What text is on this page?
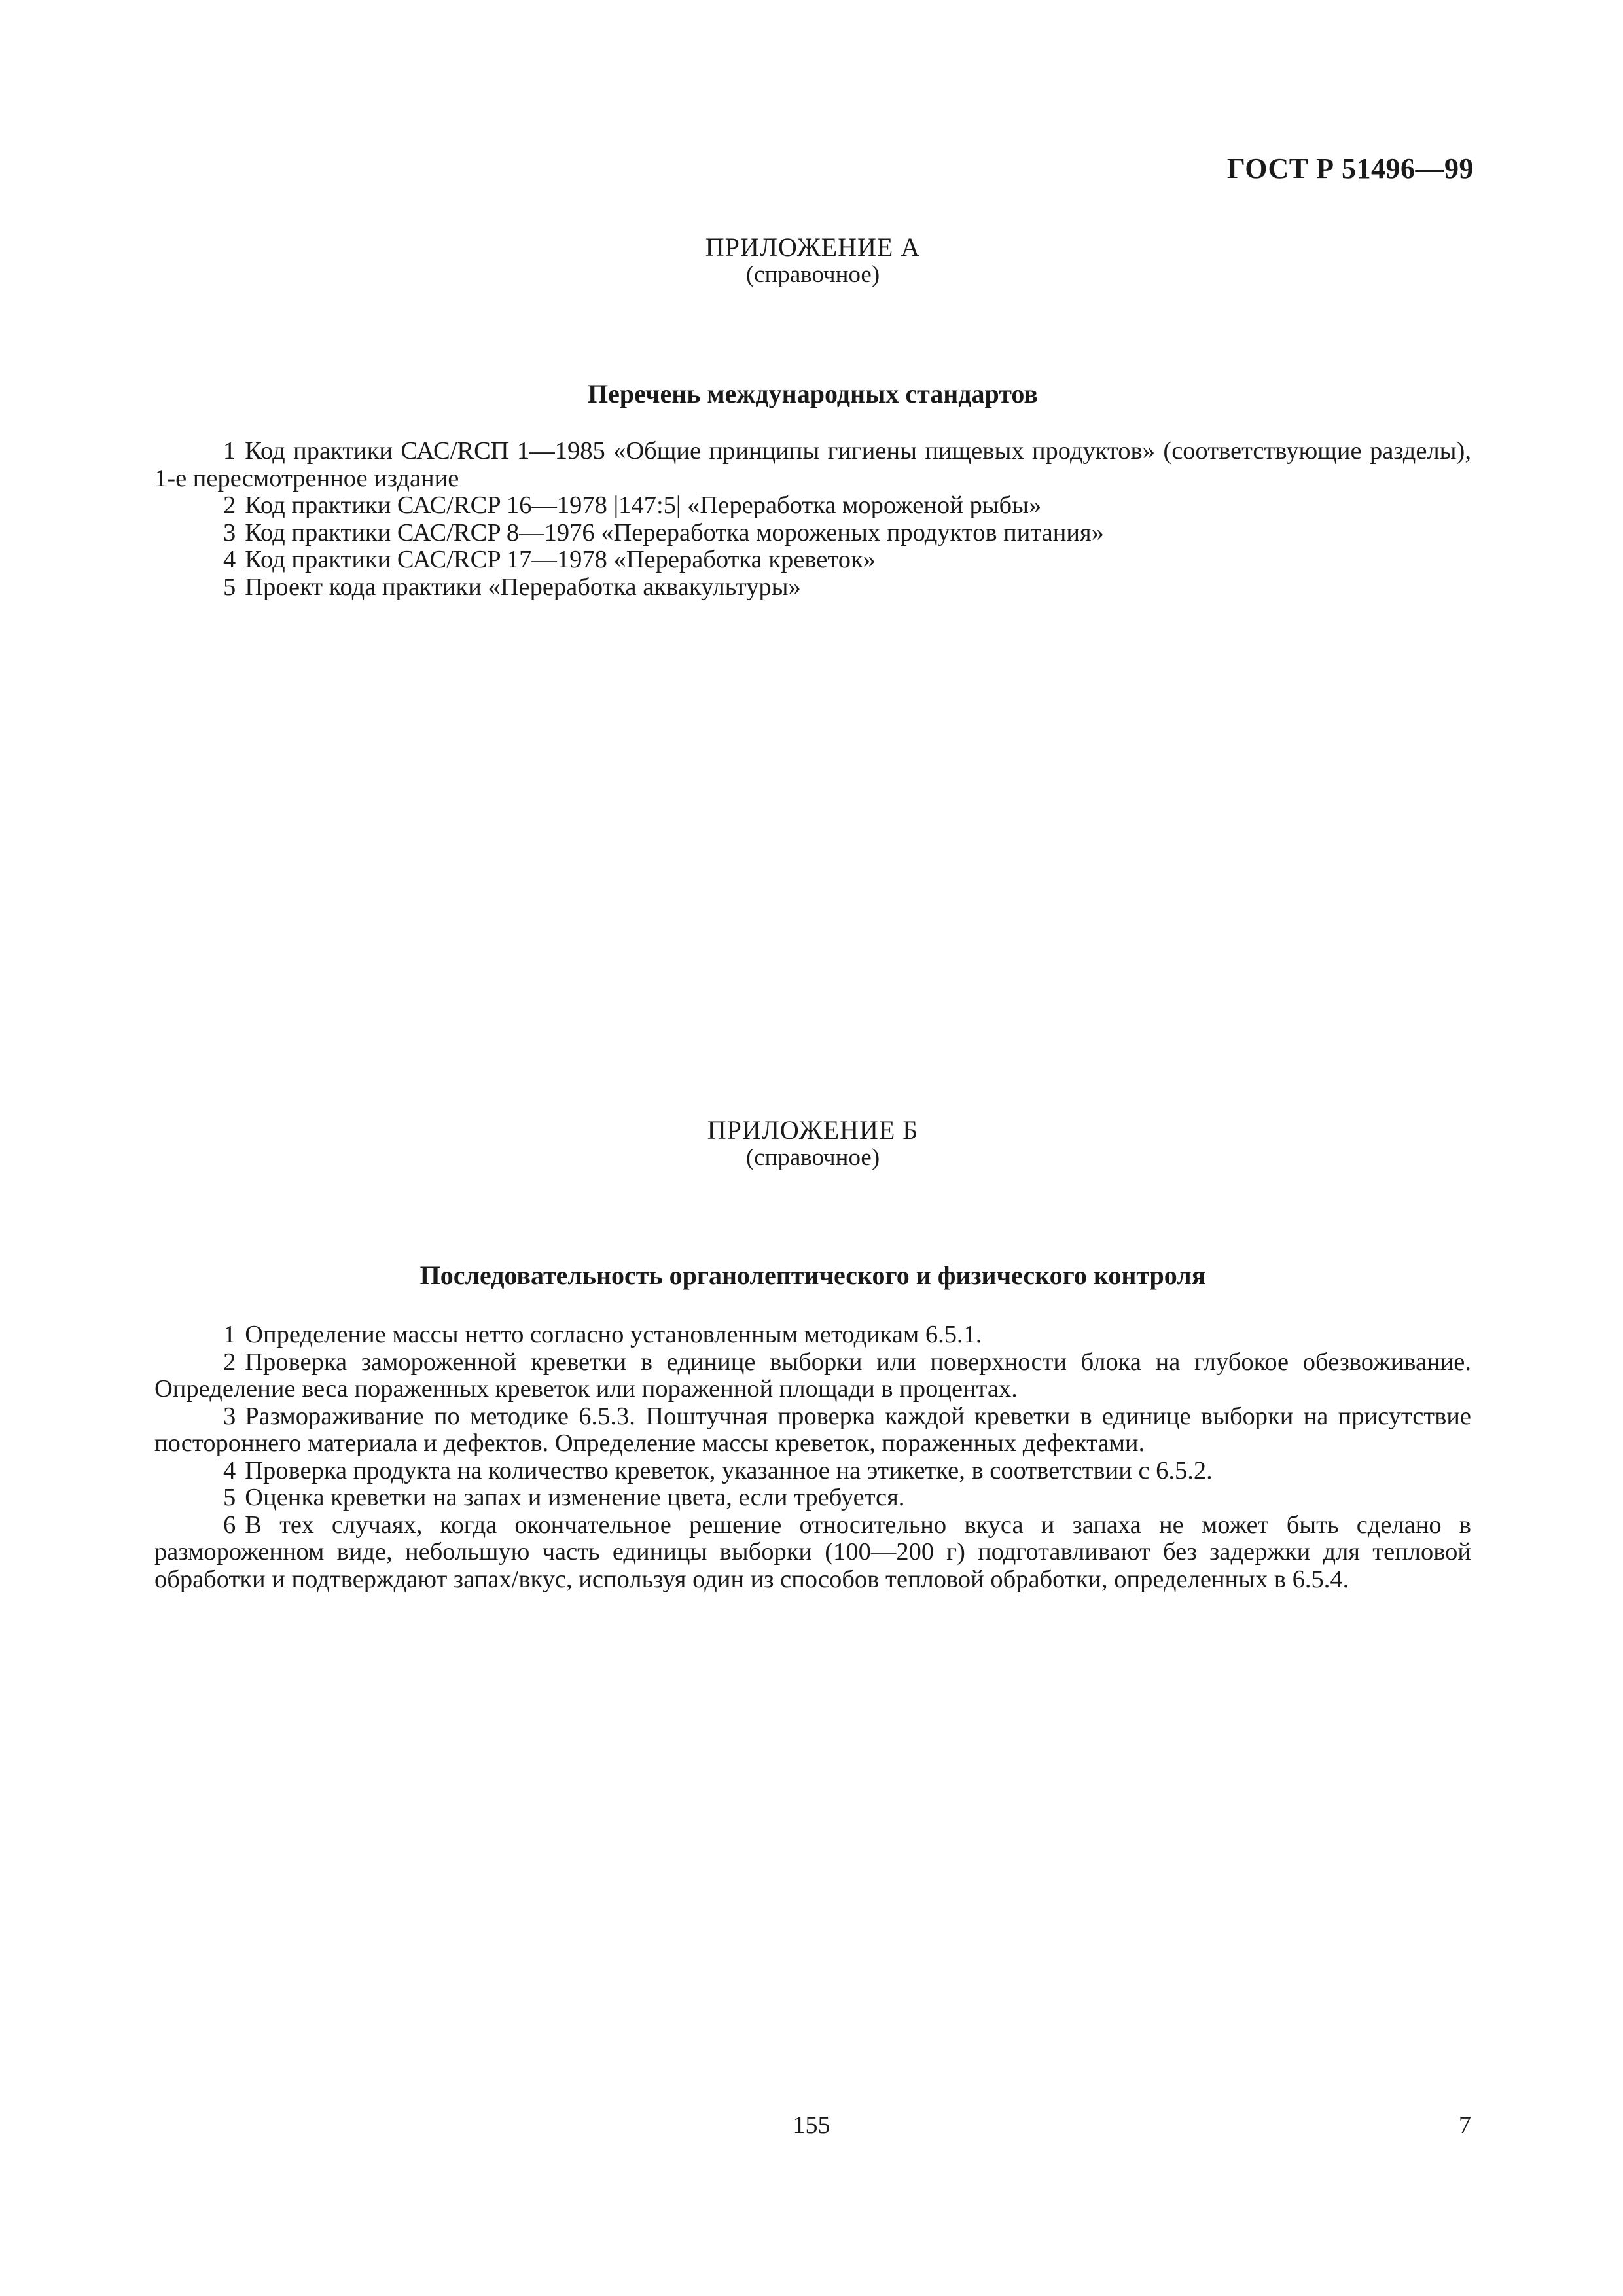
ГОСТ Р 51496—99
ПРИЛОЖЕНИЕ А
(справочное)
Перечень международных стандартов

1 Код практики САС/RCП 1—1985 «Общие принципы гигиены пищевых продуктов» (соответствующие разделы), 1-е пересмотренное издание

2 Код практики САС/RCP 16—1978 |147:5| «Переработка мороженой рыбы»

3 Код практики САС/RCP 8—1976 «Переработка мороженых продуктов питания»

4 Код практики САС/RCP 17—1978 «Переработка креветок»

5 Проект кода практики «Переработка аквакультуры»

ПРИЛОЖЕНИЕ Б
(справочное)
Последовательность органолептического и физического контроля

1 Определение массы нетто согласно установленным методикам 6.5.1.

2 Проверка замороженной креветки в единице выборки или поверхности блока на глубокое обезвоживание. Определение веса пораженных креветок или пораженной площади в процентах.

3 Размораживание по методике 6.5.3. Поштучная проверка каждой креветки в единице выборки на присутствие постороннего материала и дефектов. Определение массы креветок, пораженных дефектами.

4 Проверка продукта на количество креветок, указанное на этикетке, в соответствии с 6.5.2.

5 Оценка креветки на запах и изменение цвета, если требуется.

6 В тех случаях, когда окончательное решение относительно вкуса и запаха не может быть сделано в размороженном виде, небольшую часть единицы выборки (100—200 г) подготавливают без задержки для тепловой обработки и подтверждают запах/вкус, используя один из способов тепловой обработки, определенных в 6.5.4.

155	7
